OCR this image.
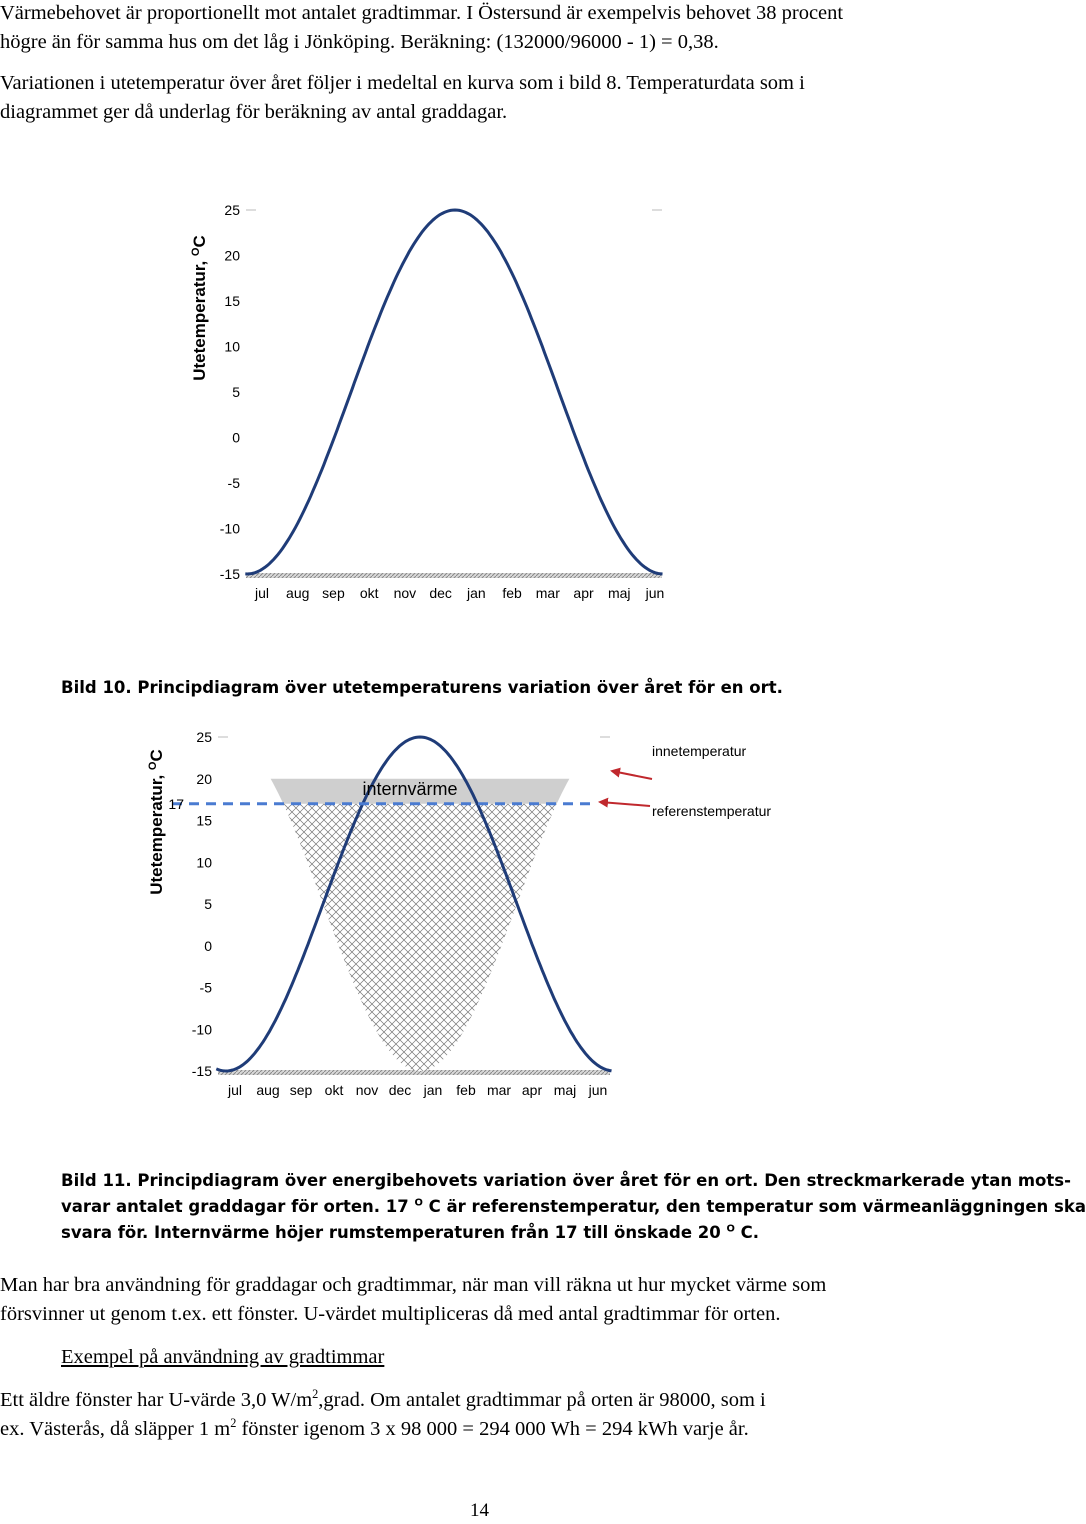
Värmebehovet är proportionellt mot antalet gradtimmar. I Östersund är exempelvis behovet 38 procent
högre än för samma hus om det låg i Jönköping. Beräkning: (132000/96000 - 1) = 0,38.
Variationen i utetemperatur över året följer i medeltal en kurva som i bild 8. Temperaturdata som i
diagrammet ger då underlag för beräkning av antal graddagar.
25
20
15
10
5
0
-5
-10
-15
Utetemperatur, $^O$C
jul aug sep okt nov dec jan feb mar apr maj jun
Bild 10. Principdiagram över utetemperaturens variation över året för en ort.
25
20
15
10
5
0
-5
-10
-15
Utetemperatur, $^O$C
jul aug sep okt nov dec jan feb mar apr maj jun
17
internvärme
innetemperatur
referenstemperatur
Bild 11. Principdiagram över energibehovets variation över året för en ort. Den streckmarkerade ytan mots-
varar antalet graddagar för orten. 17 $^O$ C är referenstemperatur, den temperatur som värmeanläggningen ska
svara för. Internvärme höjer rumstemperaturen från 17 till önskade 20 $^O$ C.
Man har bra användning för graddagar och gradtimmar, när man vill räkna ut hur mycket värme som
försvinner ut genom t.ex. ett fönster. U-värdet multipliceras då med antal gradtimmar för orten.
Exempel på användning av gradtimmar
Ett äldre fönster har U-värde 3,0 $W/m^2,grad$. Om antalet gradtimmar på orten är 98000, som i
ex. Västerås, då släpper 1 $m^2$ fönster igenom 3 x 98 000 = 294 000 Wh = 294 kWh varje år.
14
